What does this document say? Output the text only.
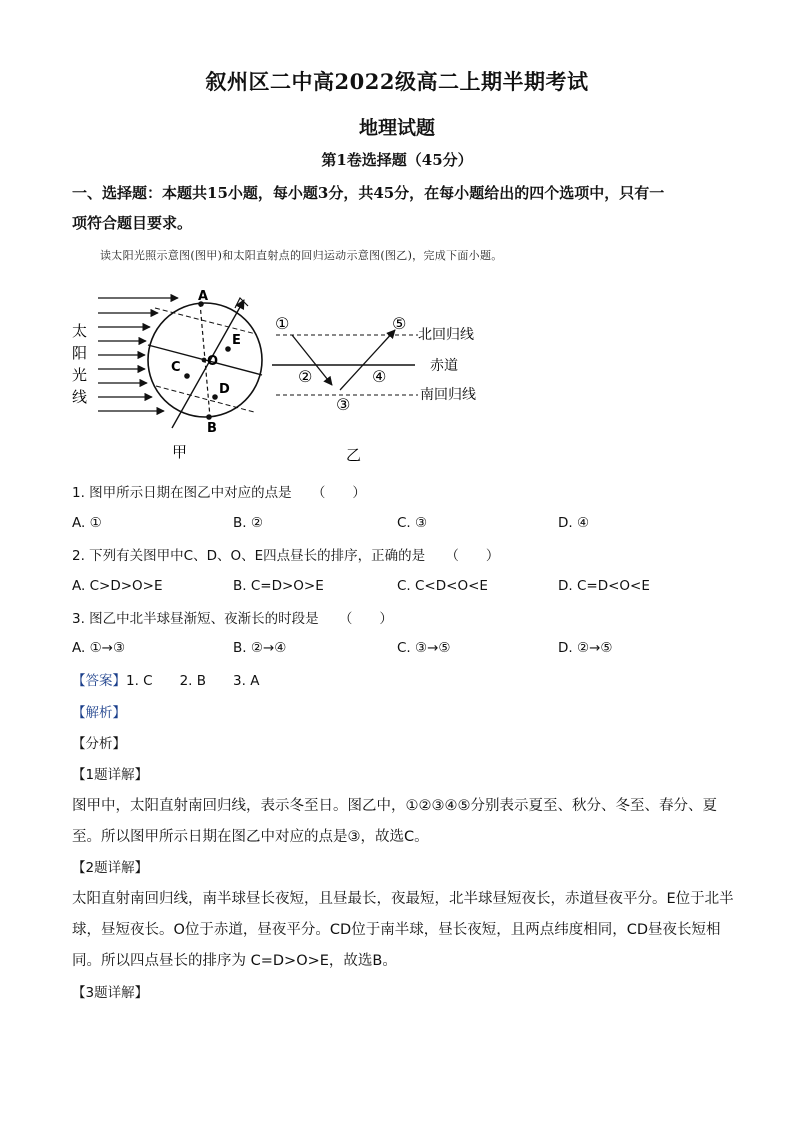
叙州区二中高2022级高二上期半期考试
地理试题
第1卷选择题（45分）
一、选择题：本题共15小题，每小题3分，共45分，在每小题给出的四个选项中，只有一
项符合题目要求。
读太阳光照示意图(图甲)和太阳直射点的回归运动示意图(图乙)，完成下面小题。
太
阳
光
线
A
B
C
D
E
O
甲
①
②
③
④
⑤
北回归线
赤道
南回归线
乙
1. 图甲所示日期在图乙中对应的点是　　（　　）
A. ①	B. ②	C. ③	D. ④
2. 下列有关图甲中C、D、O、E四点昼长的排序，正确的是　　（　　）
A. C>D>O>E	B. C=D>O>E	C. C<D<O<E	D. C=D<O<E
3. 图乙中北半球昼渐短、夜渐长的时段是　　（　　）
A. ①→③	B. ②→④	C. ③→⑤	D. ②→⑤
【答案】1. C　　2. B　　3. A
【解析】
【分析】
【1题详解】
图甲中，太阳直射南回归线，表示冬至日。图乙中，①②③④⑤分别表示夏至、秋分、冬至、春分、夏
至。所以图甲所示日期在图乙中对应的点是③，故选C。
【2题详解】
太阳直射南回归线，南半球昼长夜短，且昼最长，夜最短，北半球昼短夜长，赤道昼夜平分。E位于北半
球，昼短夜长。O位于赤道，昼夜平分。CD位于南半球，昼长夜短，且两点纬度相同，CD昼夜长短相
同。所以四点昼长的排序为 C=D>O>E，故选B。
【3题详解】
